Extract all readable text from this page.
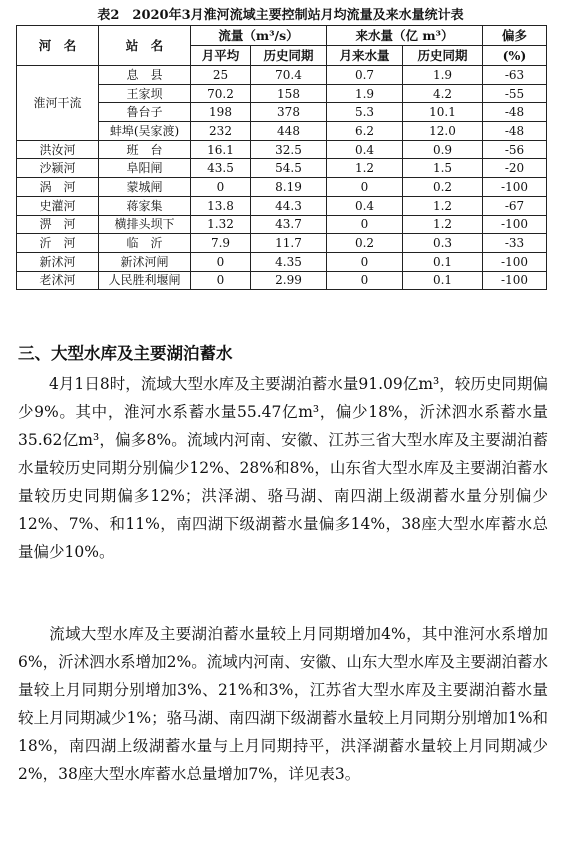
表2　2020年3月淮河流域主要控制站月均流量及来水量统计表
河　名	站　名	流量（m³/s）		来水量（亿 m³）		偏多
		月平均	历史同期	月来水量	历史同期	(%)
淮河干流	息　县	25	70.4	0.7	1.9	-63
	王家坝	70.2	158	1.9	4.2	-55
	鲁台子	198	378	5.3	10.1	-48
	蚌埠(吴家渡)	232	448	6.2	12.0	-48
洪汝河	班　台	16.1	32.5	0.4	0.9	-56
沙颍河	阜阳闸	43.5	54.5	1.2	1.5	-20
涡　河	蒙城闸	0	8.19	0	0.2	-100
史灌河	蒋家集	13.8	44.3	0.4	1.2	-67
淠　河	横排头坝下	1.32	43.7	0	1.2	-100
沂　河	临　沂	7.9	11.7	0.2	0.3	-33
新沭河	新沭河闸	0	4.35	0	0.1	-100
老沭河	人民胜利堰闸	0	2.99	0	0.1	-100
三、大型水库及主要湖泊蓄水

4月1日8时，流域大型水库及主要湖泊蓄水量91.09亿m³，较历史同期偏少9%。其中，淮河水系蓄水量55.47亿m³，偏少18%，沂沭泗水系蓄水量35.62亿m³，偏多8%。流域内河南、安徽、江苏三省大型水库及主要湖泊蓄水量较历史同期分别偏少12%、28%和8%，山东省大型水库及主要湖泊蓄水量较历史同期偏多12%；洪泽湖、骆马湖、南四湖上级湖蓄水量分别偏少12%、7%、和11%，南四湖下级湖蓄水量偏多14%，38座大型水库蓄水总量偏少10%。

流域大型水库及主要湖泊蓄水量较上月同期增加4%，其中淮河水系增加6%，沂沭泗水系增加2%。流域内河南、安徽、山东大型水库及主要湖泊蓄水量较上月同期分别增加3%、21%和3%，江苏省大型水库及主要湖泊蓄水量较上月同期减少1%；骆马湖、南四湖下级湖蓄水量较上月同期分别增加1%和18%，南四湖上级湖蓄水量与上月同期持平，洪泽湖蓄水量较上月同期减少2%，38座大型水库蓄水总量增加7%，详见表3。
